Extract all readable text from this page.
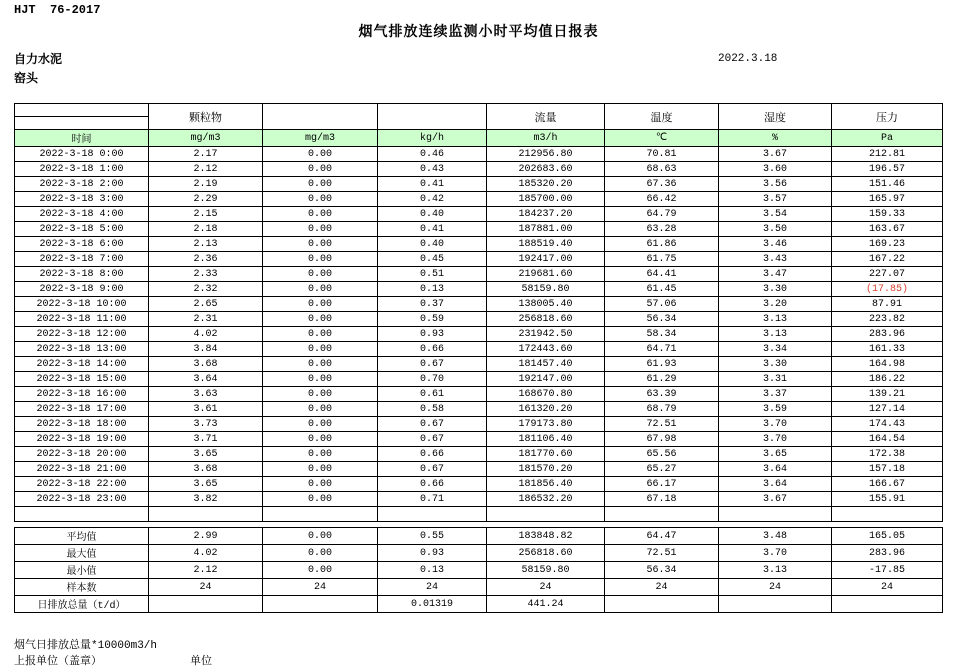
HJT  76-2017
烟气排放连续监测小时平均值日报表
自力水泥	2022.3.18
窑头
	颗粒物			流量	温度	湿度	压力

时间	mg/m3	mg/m3	kg/h	m3/h	℃	%	Pa
2022-3-18 0:00	2.17	0.00	0.46	212956.80	70.81	3.67	212.81
2022-3-18 1:00	2.12	0.00	0.43	202683.60	68.63	3.60	196.57
2022-3-18 2:00	2.19	0.00	0.41	185320.20	67.36	3.56	151.46
2022-3-18 3:00	2.29	0.00	0.42	185700.00	66.42	3.57	165.97
2022-3-18 4:00	2.15	0.00	0.40	184237.20	64.79	3.54	159.33
2022-3-18 5:00	2.18	0.00	0.41	187881.00	63.28	3.50	163.67
2022-3-18 6:00	2.13	0.00	0.40	188519.40	61.86	3.46	169.23
2022-3-18 7:00	2.36	0.00	0.45	192417.00	61.75	3.43	167.22
2022-3-18 8:00	2.33	0.00	0.51	219681.60	64.41	3.47	227.07
2022-3-18 9:00	2.32	0.00	0.13	58159.80	61.45	3.30	(17.85)
2022-3-18 10:00	2.65	0.00	0.37	138005.40	57.06	3.20	87.91
2022-3-18 11:00	2.31	0.00	0.59	256818.60	56.34	3.13	223.82
2022-3-18 12:00	4.02	0.00	0.93	231942.50	58.34	3.13	283.96
2022-3-18 13:00	3.84	0.00	0.66	172443.60	64.71	3.34	161.33
2022-3-18 14:00	3.68	0.00	0.67	181457.40	61.93	3.30	164.98
2022-3-18 15:00	3.64	0.00	0.70	192147.00	61.29	3.31	186.22
2022-3-18 16:00	3.63	0.00	0.61	168670.80	63.39	3.37	139.21
2022-3-18 17:00	3.61	0.00	0.58	161320.20	68.79	3.59	127.14
2022-3-18 18:00	3.73	0.00	0.67	179173.80	72.51	3.70	174.43
2022-3-18 19:00	3.71	0.00	0.67	181106.40	67.98	3.70	164.54
2022-3-18 20:00	3.65	0.00	0.66	181770.60	65.56	3.65	172.38
2022-3-18 21:00	3.68	0.00	0.67	181570.20	65.27	3.64	157.18
2022-3-18 22:00	3.65	0.00	0.66	181856.40	66.17	3.64	166.67
2022-3-18 23:00	3.82	0.00	0.71	186532.20	67.18	3.67	155.91

平均值	2.99	0.00	0.55	183848.82	64.47	3.48	165.05
最大值	4.02	0.00	0.93	256818.60	72.51	3.70	283.96
最小值	2.12	0.00	0.13	58159.80	56.34	3.13	-17.85
样本数	24	24	24	24	24	24	24
日排放总量（t/d）			0.01319	441.24			
烟气日排放总量*10000m3/h
上报单位（盖章）	单位
